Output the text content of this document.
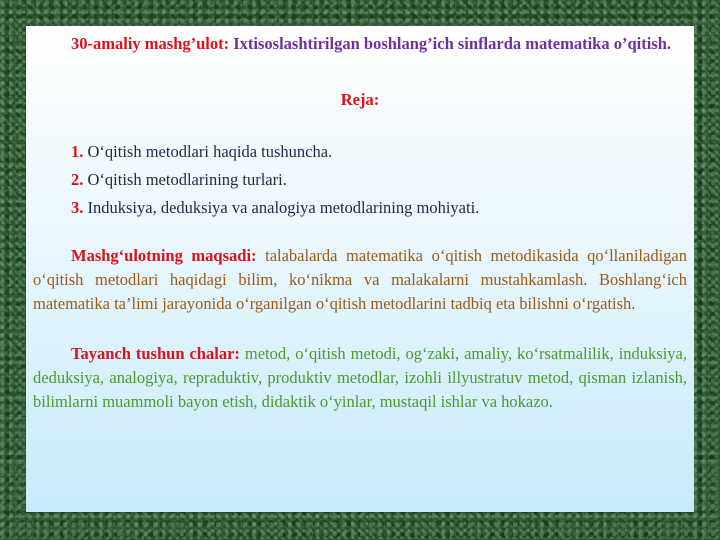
30-amaliy mashg’ulot: Ixtisoslashtirilgan boshlang’ich sinflarda matematika o’qitish.

Reja:

1. O‘qitish metodlari haqida tushuncha.

2. O‘qitish metodlarining turlari.

3. Induksiya, deduksiya va analogiya metodlarining mohiyati.

Mashg‘ulotning maqsadi: talabalarda matematika o‘qitish metodikasida qo‘llaniladigan o‘qitish metodlari haqidagi bilim, ko‘nikma va malakalarni mustahkamlash. Boshlang‘ich matematika ta’limi jarayonida o‘rganilgan o‘qitish metodlarini tadbiq eta bilishni o‘rgatish.

Tayanch tushun chalar: metod, o‘qitish metodi, og‘zaki, amaliy, ko‘rsatmalilik, induksiya, deduksiya, analogiya, repraduktiv, produktiv metodlar, izohli illyustratuv metod, qisman izlanish, bilimlarni muammoli bayon etish, didaktik o‘yinlar, mustaqil ishlar va hokazo.
